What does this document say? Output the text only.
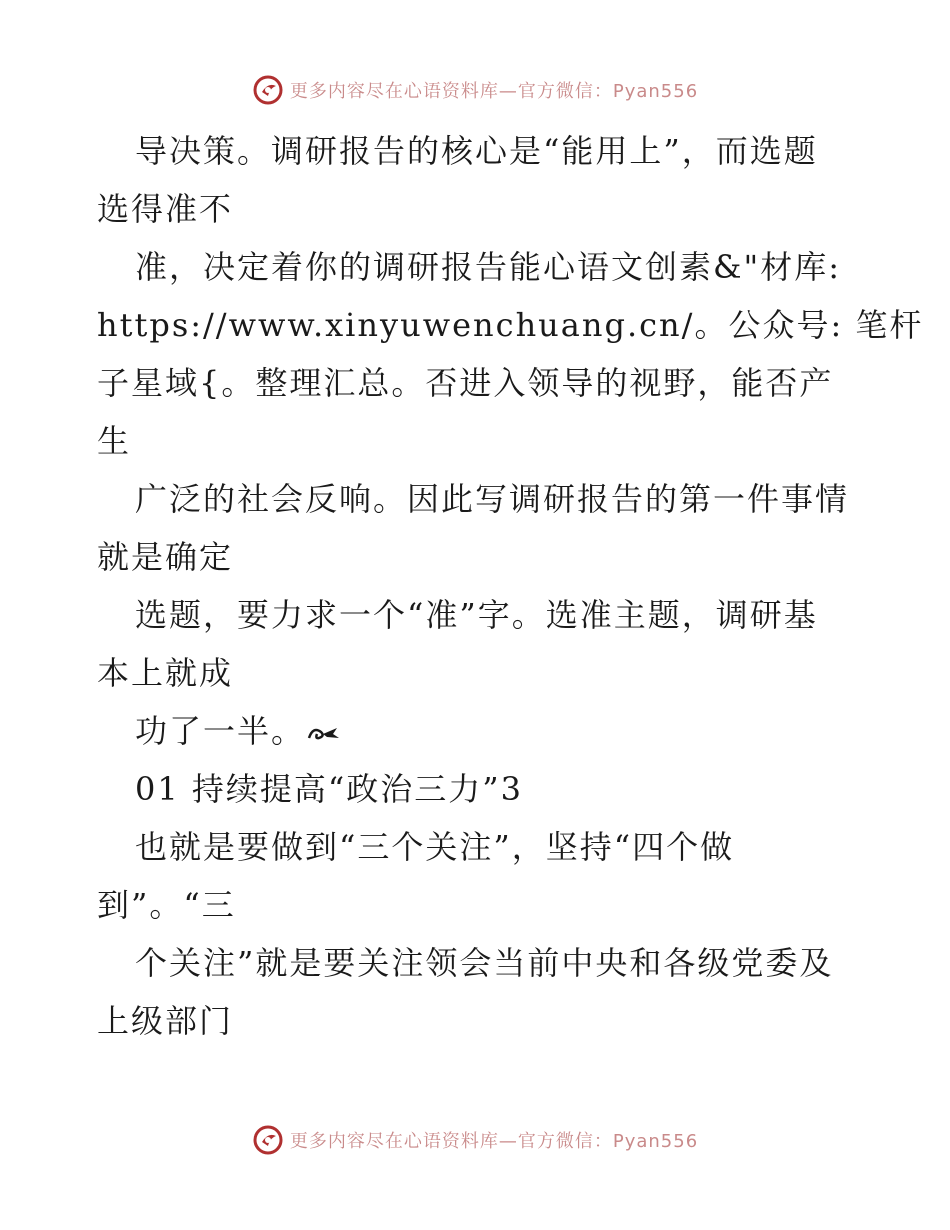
更多内容尽在心语资料库—官方微信：Pyan556
导决策。调研报告的核心是“能用上”，而选题
选得准不
准，决定着你的调研报告能心语文创素&"材库:
https://www.xinyuwenchuang.cn/。公众号: 笔杆
子星域{。整理汇总。否进入领导的视野，能否产
生
广泛的社会反响。因此写调研报告的第一件事情
就是确定
选题，要力求一个“准”字。选准主题，调研基
本上就成
功了一半。
01 持续提高“政治三力”3
也就是要做到“三个关注”，坚持“四个做
到”。“三
个关注”就是要关注领会当前中央和各级党委及
上级部门
更多内容尽在心语资料库—官方微信：Pyan556
